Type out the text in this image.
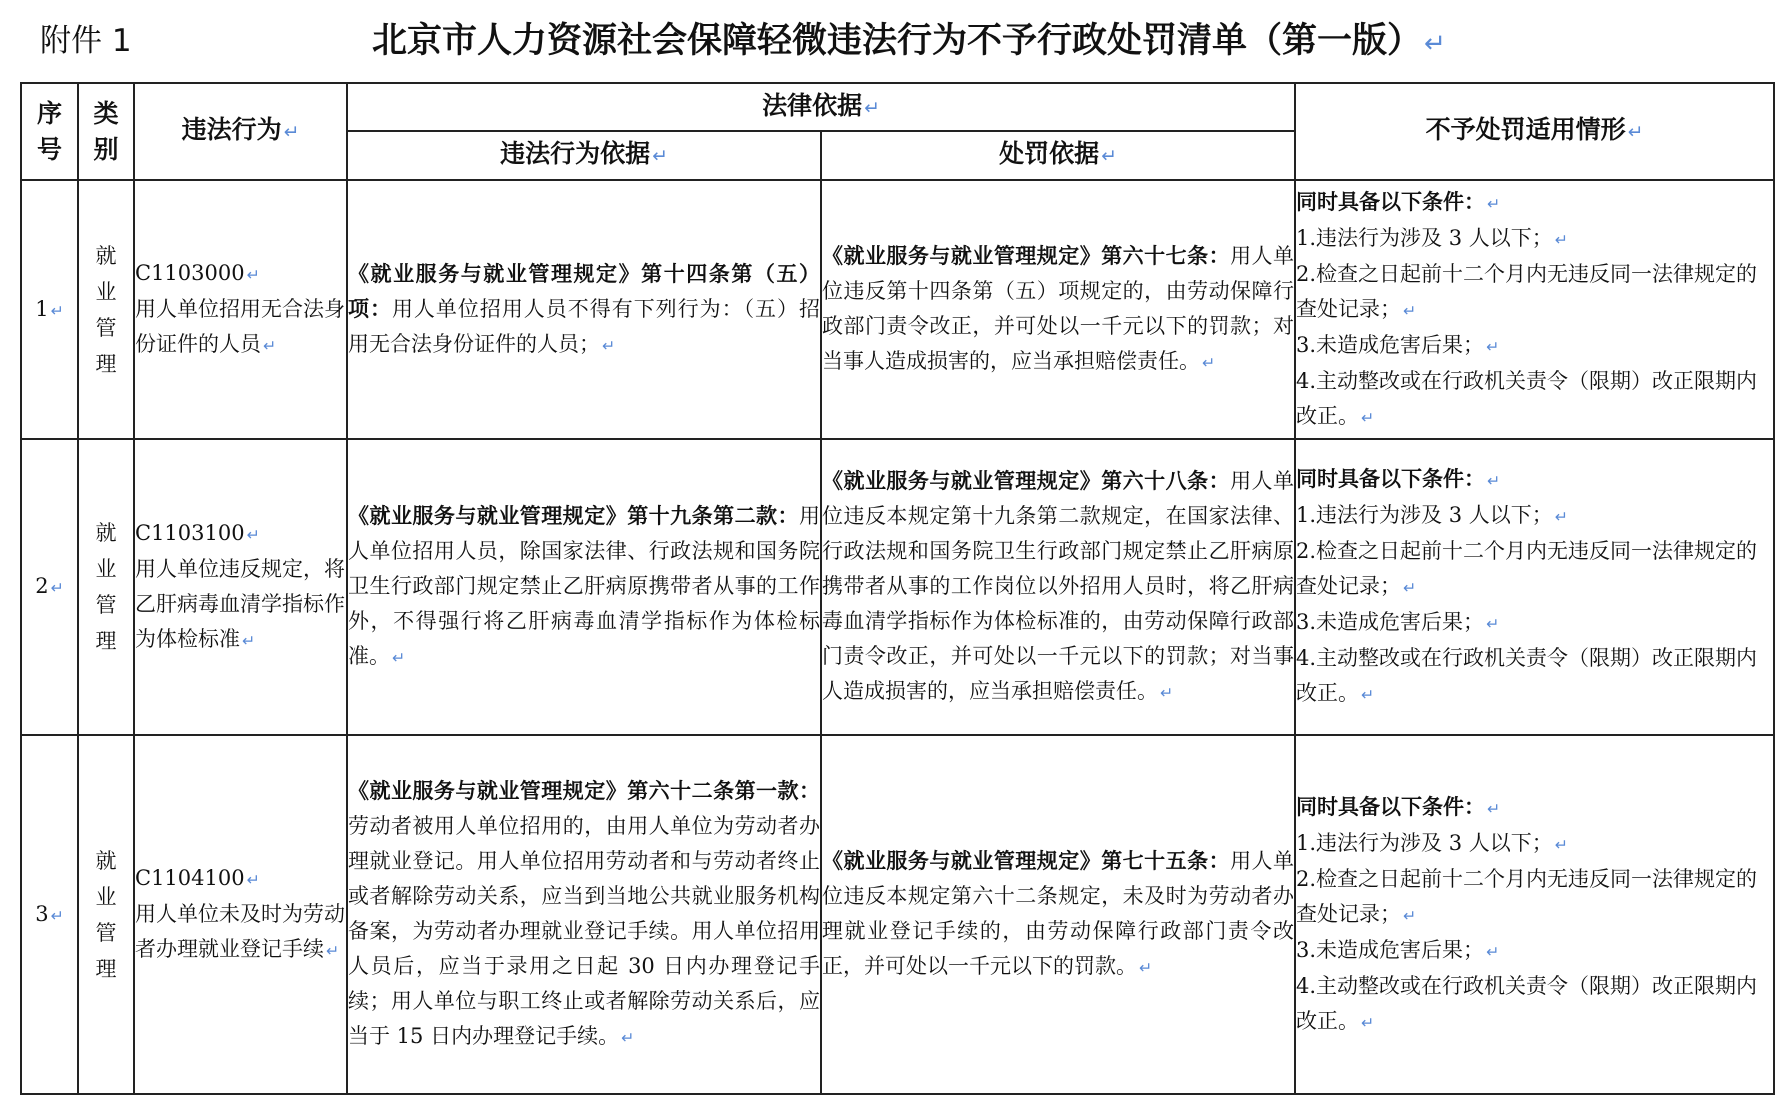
附件 1	北京市人力资源社会保障轻微违法行为不予行政处罚清单（第一版）↵
序号	类别	违法行为 ↵	法律依据 ↵		不予处罚适用情形 ↵
			违法行为依据 ↵	处罚依据 ↵	
1 ↵	就业管理	C1103000 ↵
用人单位招用无合法身份证件的人员 ↵	《就业服务与就业管理规定》第十四条第（五）项：用人单位招用人员不得有下列行为：（五）招用无合法身份证件的人员； ↵	《就业服务与就业管理规定》第六十七条：用人单位违反第十四条第（五）项规定的，由劳动保障行政部门责令改正，并可处以一千元以下的罚款；对当事人造成损害的，应当承担赔偿责任。 ↵	同时具备以下条件： ↵
1.违法行为涉及 3 人以下； ↵
2.检查之日起前十二个月内无违反同一法律规定的查处记录； ↵
3.未造成危害后果； ↵
4.主动整改或在行政机关责令（限期）改正限期内改正。 ↵

2 ↵	就业管理	C1103100 ↵
用人单位违反规定，将乙肝病毒血清学指标作为体检标准 ↵	《就业服务与就业管理规定》第十九条第二款：用人单位招用人员，除国家法律、行政法规和国务院卫生行政部门规定禁止乙肝病原携带者从事的工作外，不得强行将乙肝病毒血清学指标作为体检标准。 ↵	《就业服务与就业管理规定》第六十八条：用人单位违反本规定第十九条第二款规定，在国家法律、行政法规和国务院卫生行政部门规定禁止乙肝病原携带者从事的工作岗位以外招用人员时，将乙肝病毒血清学指标作为体检标准的，由劳动保障行政部门责令改正，并可处以一千元以下的罚款；对当事人造成损害的，应当承担赔偿责任。 ↵	同时具备以下条件： ↵
1.违法行为涉及 3 人以下； ↵
2.检查之日起前十二个月内无违反同一法律规定的查处记录； ↵
3.未造成危害后果； ↵
4.主动整改或在行政机关责令（限期）改正限期内改正。 ↵

3 ↵	就业管理	C1104100 ↵
用人单位未及时为劳动者办理就业登记手续 ↵	《就业服务与就业管理规定》第六十二条第一款：劳动者被用人单位招用的，由用人单位为劳动者办理就业登记。用人单位招用劳动者和与劳动者终止或者解除劳动关系，应当到当地公共就业服务机构备案，为劳动者办理就业登记手续。用人单位招用人员后，应当于录用之日起 30 日内办理登记手续；用人单位与职工终止或者解除劳动关系后，应当于 15 日内办理登记手续。 ↵	《就业服务与就业管理规定》第七十五条：用人单位违反本规定第六十二条规定，未及时为劳动者办理就业登记手续的，由劳动保障行政部门责令改正，并可处以一千元以下的罚款。 ↵	同时具备以下条件： ↵
1.违法行为涉及 3 人以下； ↵
2.检查之日起前十二个月内无违反同一法律规定的查处记录； ↵
3.未造成危害后果； ↵
4.主动整改或在行政机关责令（限期）改正限期内改正。 ↵
